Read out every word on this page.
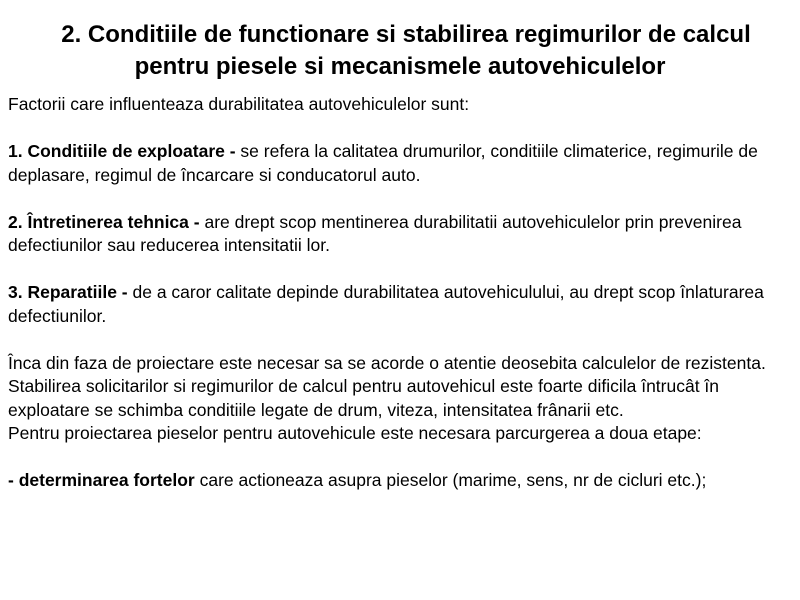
2. Conditiile de functionare si stabilirea regimurilor de calcul
pentru piesele si mecanismele autovehiculelor

Factorii care influenteaza durabilitatea autovehiculelor sunt:

1. Conditiile de exploatare - se refera la calitatea drumurilor, conditiile climaterice, regimurile de deplasare, regimul de încarcare si conducatorul auto.

2. Întretinerea tehnica - are drept scop mentinerea durabilitatii autovehiculelor prin prevenirea defectiunilor sau reducerea intensitatii lor.

3. Reparatiile - de a caror calitate depinde durabilitatea autovehiculului, au drept scop înlaturarea defectiunilor.

Înca din faza de proiectare este necesar sa se acorde o atentie deosebita calculelor de rezistenta. Stabilirea solicitarilor si regimurilor de calcul pentru autovehicul este foarte dificila întrucât în exploatare se schimba conditiile legate de drum, viteza, intensitatea frânarii etc.

Pentru proiectarea pieselor pentru autovehicule este necesara parcurgerea a doua etape:

- determinarea fortelor care actioneaza asupra pieselor (marime, sens, nr de cicluri etc.);
